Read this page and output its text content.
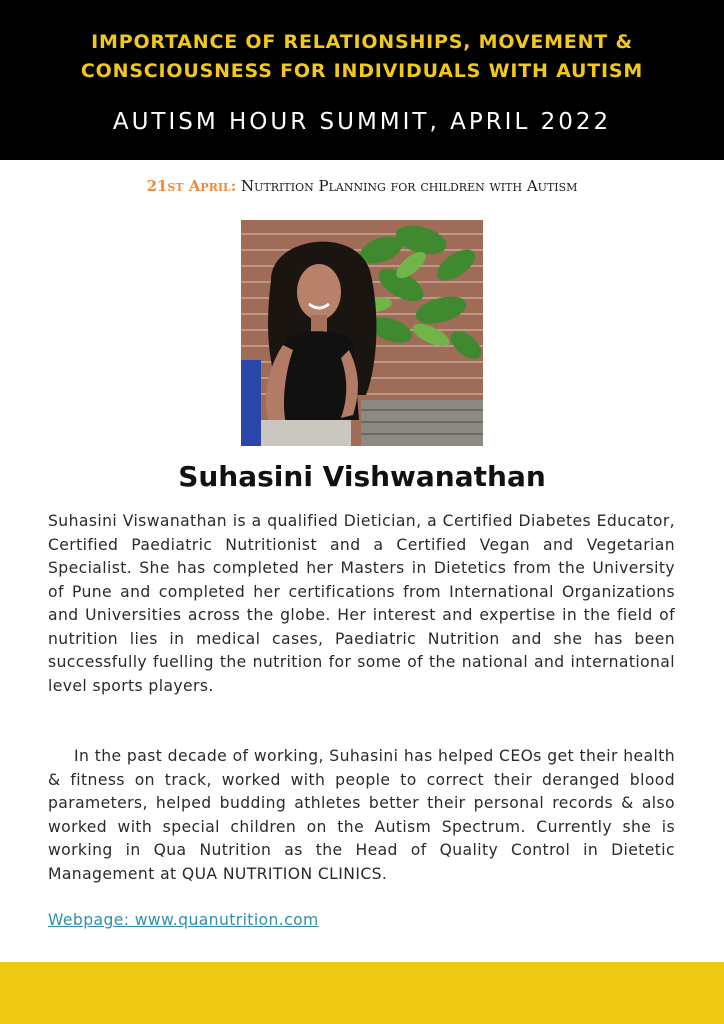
IMPORTANCE OF RELATIONSHIPS, MOVEMENT & CONSCIOUSNESS FOR INDIVIDUALS WITH AUTISM
AUTISM HOUR SUMMIT, APRIL 2022
21st April: Nutrition Planning for children with Autism
Suhasini Vishwanathan

Suhasini Viswanathan is a qualified Dietician, a Certified Diabetes Educator, Certified Paediatric Nutritionist and a Certified Vegan and Vegetarian Specialist. She has completed her Masters in Dietetics from the University of Pune and completed her certifications from International Organizations and Universities across the globe. Her interest and expertise in the field of nutrition lies in medical cases, Paediatric Nutrition and she has been successfully fuelling the nutrition for some of the national and international level sports players.

In the past decade of working, Suhasini has helped CEOs get their health & fitness on track, worked with people to correct their deranged blood parameters, helped budding athletes better their personal records & also worked with special children on the Autism Spectrum. Currently she is working in Qua Nutrition as the Head of Quality Control in Dietetic Management at QUA NUTRITION CLINICS.

Webpage: www.quanutrition.com
